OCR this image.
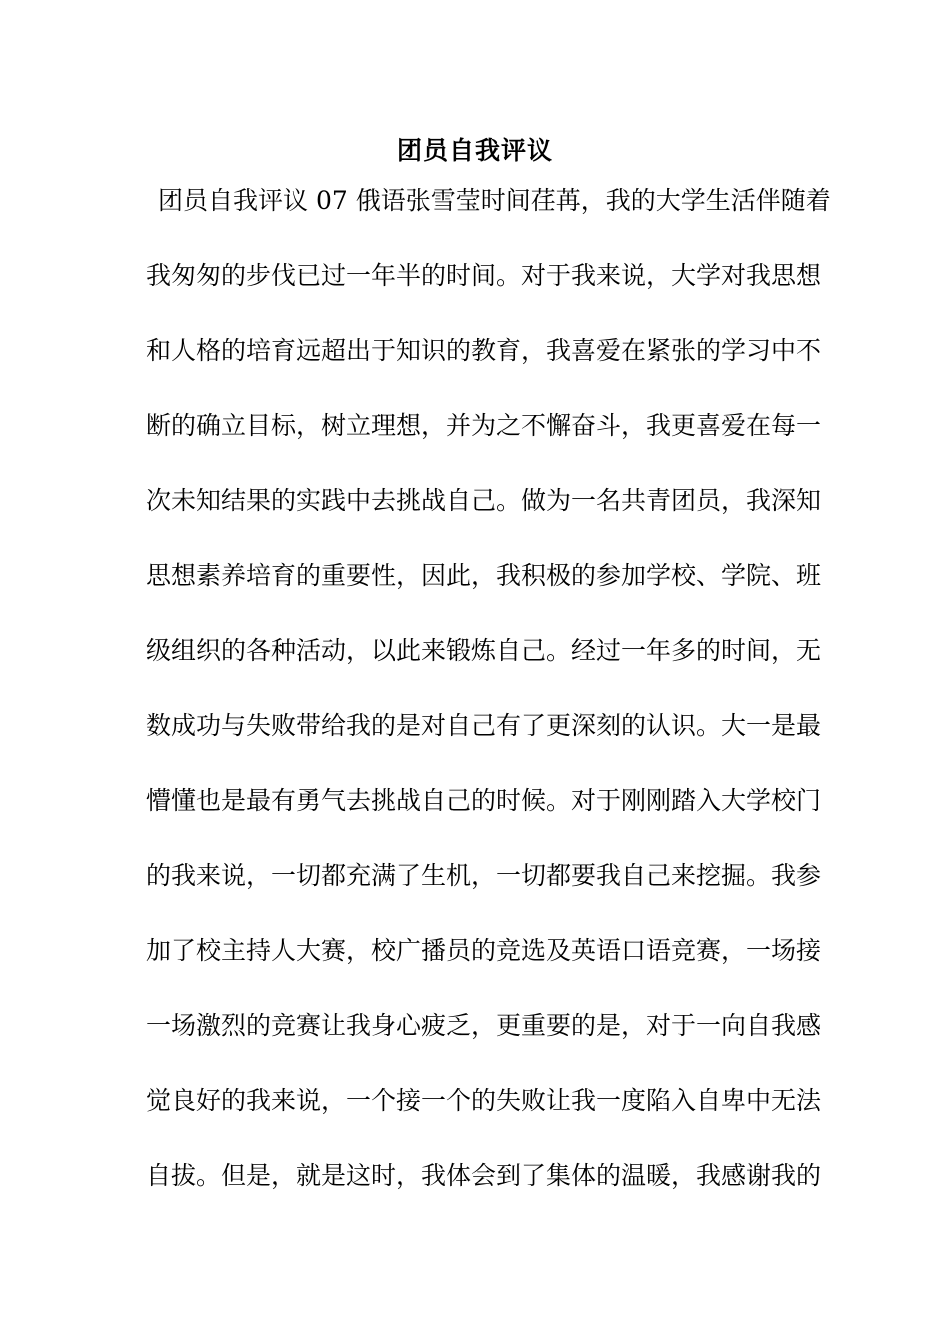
团员自我评议
团员自我评议 07 俄语张雪莹时间荏苒，我的大学生活伴随着
我匆匆的步伐已过一年半的时间。对于我来说，大学对我思想
和人格的培育远超出于知识的教育，我喜爱在紧张的学习中不
断的确立目标，树立理想，并为之不懈奋斗，我更喜爱在每一
次未知结果的实践中去挑战自己。做为一名共青团员，我深知
思想素养培育的重要性，因此，我积极的参加学校、学院、班
级组织的各种活动，以此来锻炼自己。经过一年多的时间，无
数成功与失败带给我的是对自己有了更深刻的认识。大一是最
懵懂也是最有勇气去挑战自己的时候。对于刚刚踏入大学校门
的我来说，一切都充满了生机，一切都要我自己来挖掘。我参
加了校主持人大赛，校广播员的竞选及英语口语竞赛，一场接
一场激烈的竞赛让我身心疲乏，更重要的是，对于一向自我感
觉良好的我来说，一个接一个的失败让我一度陷入自卑中无法
自拔。但是，就是这时，我体会到了集体的温暖，我感谢我的
